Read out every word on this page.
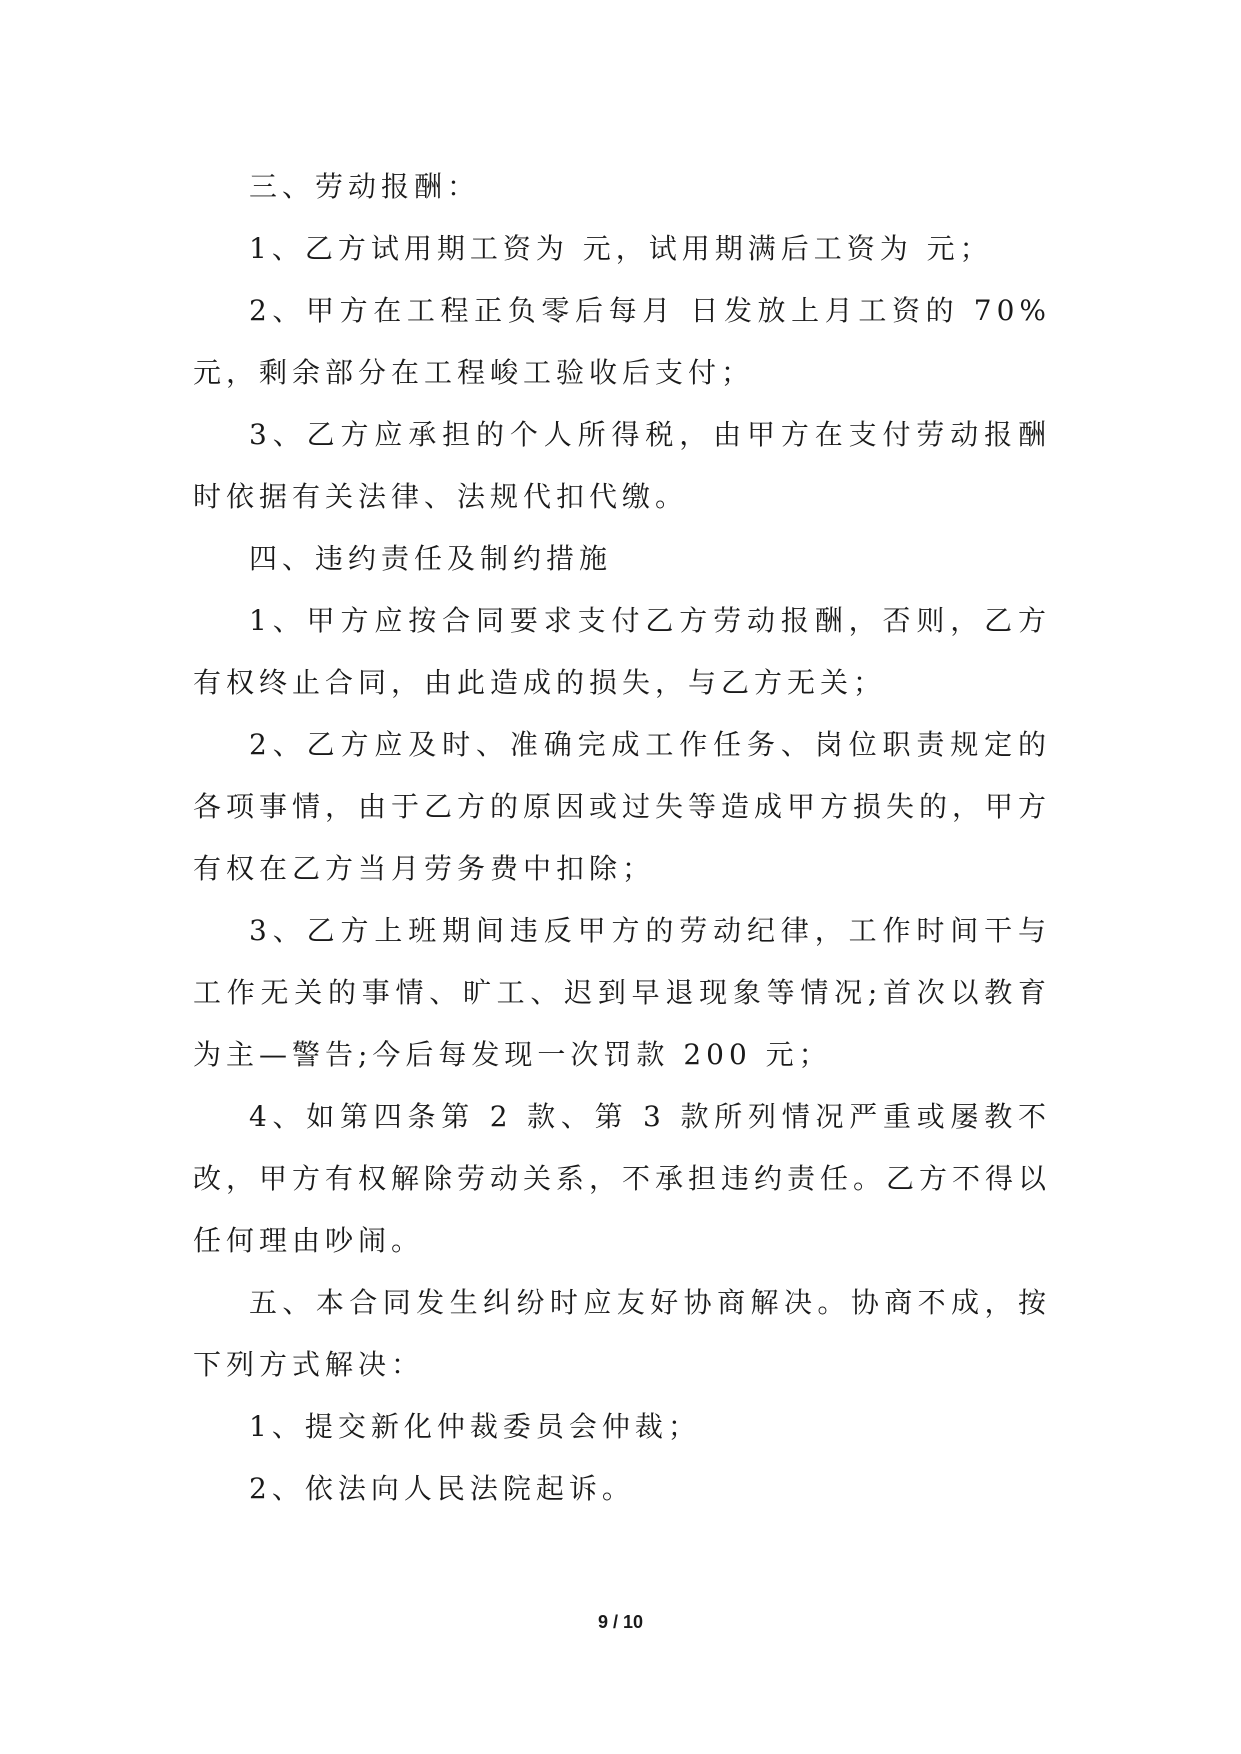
三、劳动报酬：

1、乙方试用期工资为 元，试用期满后工资为 元；

2、甲方在工程正负零后每月 日发放上月工资的 70% 元，剩余部分在工程峻工验收后支付；

3、乙方应承担的个人所得税，由甲方在支付劳动报酬时依据有关法律、法规代扣代缴。

四、违约责任及制约措施

1、甲方应按合同要求支付乙方劳动报酬，否则，乙方有权终止合同，由此造成的损失，与乙方无关；

2、乙方应及时、准确完成工作任务、岗位职责规定的各项事情，由于乙方的原因或过失等造成甲方损失的，甲方有权在乙方当月劳务费中扣除；

3、乙方上班期间违反甲方的劳动纪律，工作时间干与工作无关的事情、旷工、迟到早退现象等情况;首次以教育为主—警告;今后每发现一次罚款 200 元；

4、如第四条第 2 款、第 3 款所列情况严重或屡教不改，甲方有权解除劳动关系，不承担违约责任。乙方不得以任何理由吵闹。

五、本合同发生纠纷时应友好协商解决。协商不成，按下列方式解决：

1、提交新化仲裁委员会仲裁；

2、依法向人民法院起诉。

9 / 10
